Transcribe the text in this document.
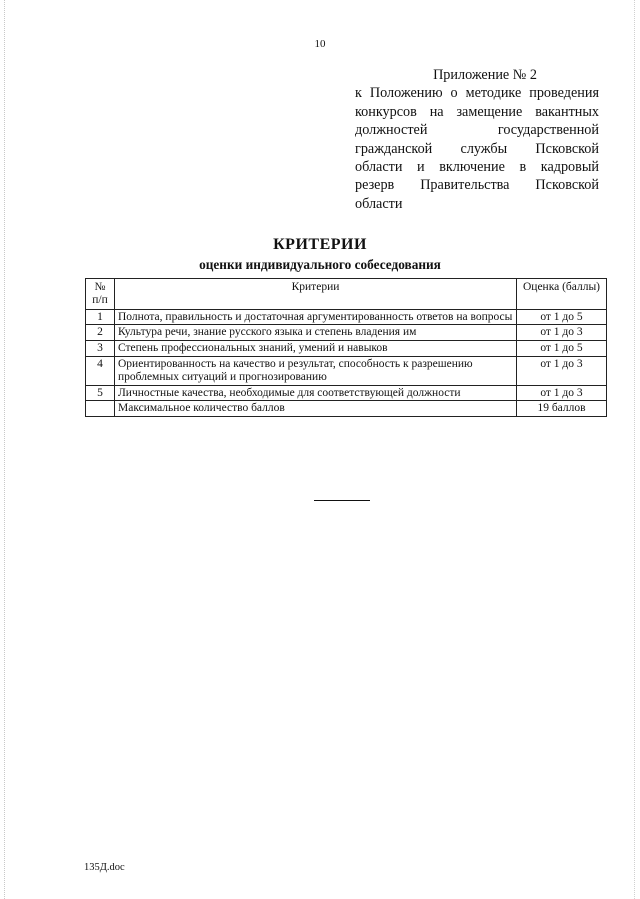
10
Приложение № 2
к Положению о методике проведения
конкурсов на замещение вакантных
должностей	государственной
гражданской службы Псковской
области и включение в кадровый
резерв Правительства Псковской
области
КРИТЕРИИ
оценки индивидуального собеседования
№ п/п	Критерии	Оценка (баллы)
1	Полнота, правильность и достаточная аргументированность ответов на вопросы	от 1 до 5
2	Культура речи, знание русского языка и степень владения им	от 1 до 3
3	Степень профессиональных знаний, умений и навыков	от 1 до 5
4	Ориентированность на качество и результат, способность к разрешению проблемных ситуаций и прогнозированию	от 1 до 3
5	Личностные качества, необходимые для соответствующей должности	от 1 до 3
	Максимальное количество баллов	19 баллов
135Д.doc
